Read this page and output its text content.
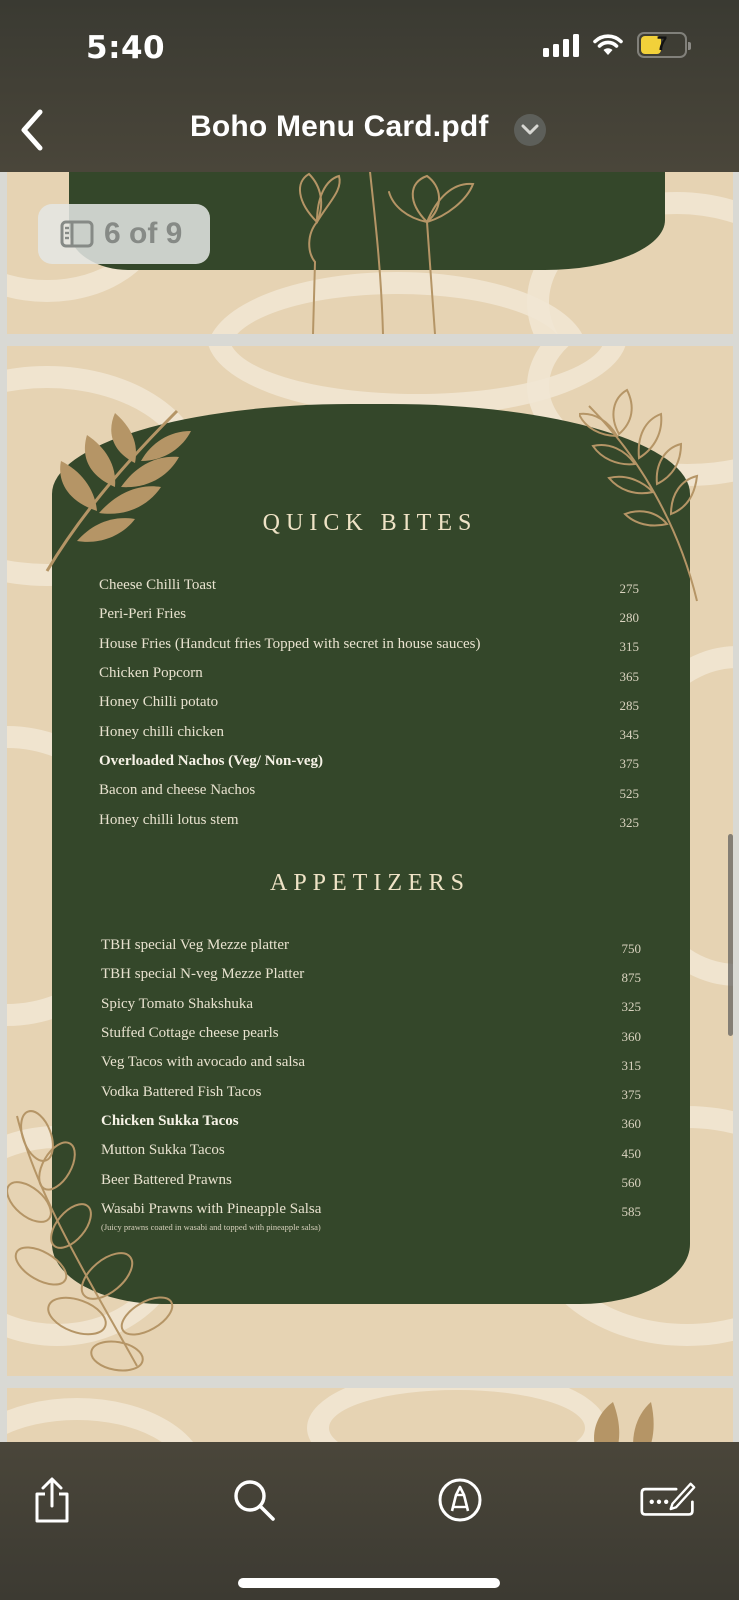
5:40	7
Boho Menu Card.pdf
6 of 9
QUICK BITES
Cheese Chilli Toast	275
Peri-Peri Fries	280
House Fries (Handcut fries Topped with secret in house sauces)	315
Chicken Popcorn	365
Honey Chilli potato	285
Honey chilli chicken	345
Overloaded Nachos (Veg/ Non-veg)	375
Bacon and cheese Nachos	525
Honey chilli lotus stem	325
APPETIZERS
TBH special Veg Mezze platter	750
TBH special N-veg Mezze Platter	875
Spicy Tomato Shakshuka	325
Stuffed Cottage cheese pearls	360
Veg Tacos with avocado and salsa	315
Vodka Battered Fish Tacos	375
Chicken Sukka Tacos	360
Mutton Sukka Tacos	450
Beer Battered Prawns	560
Wasabi Prawns with Pineapple Salsa	585
(Juicy prawns coated in wasabi and topped with pineapple salsa)
